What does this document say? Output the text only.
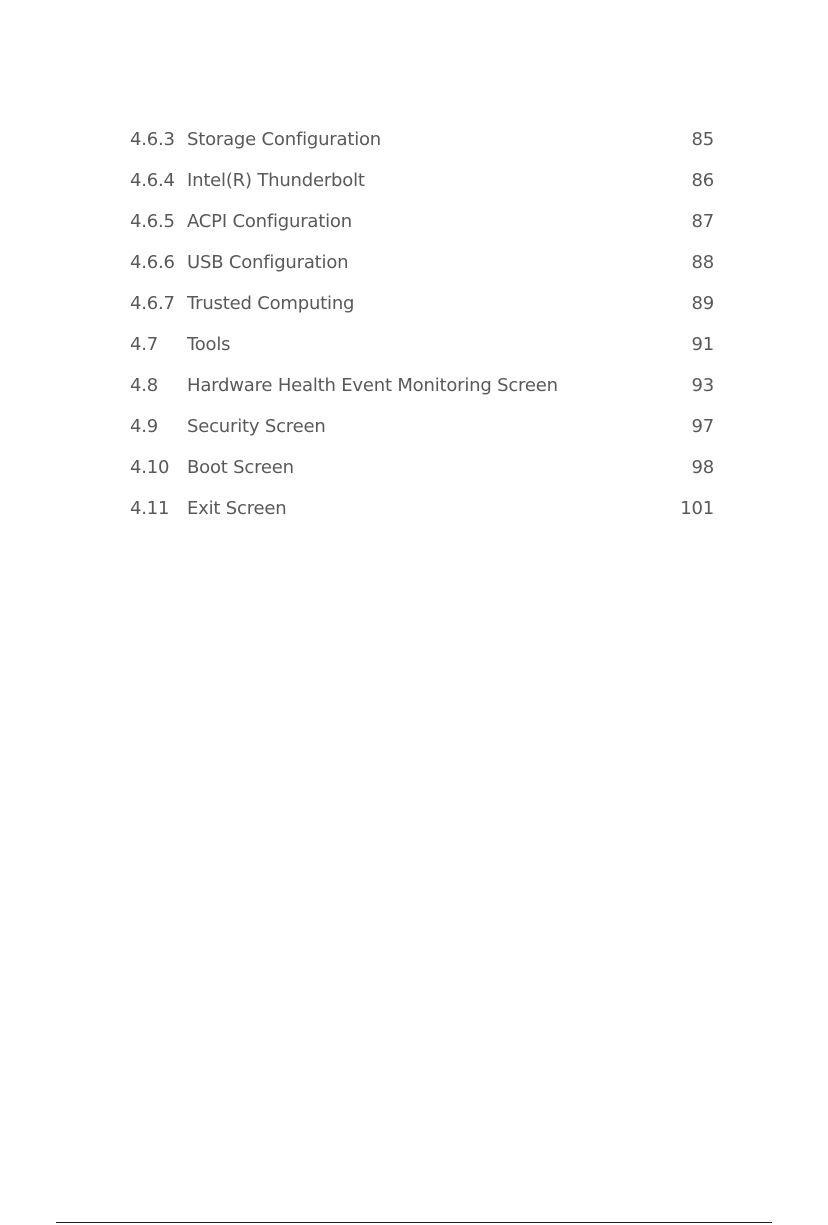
4.6.3 Storage Configuration	85
4.6.4 Intel(R) Thunderbolt	86
4.6.5 ACPI Configuration	87
4.6.6 USB Configuration	88
4.6.7 Trusted Computing	89
4.7	Tools	91
4.8	Hardware Health Event Monitoring Screen	93
4.9	Security Screen	97
4.10 Boot Screen	98
4.11 Exit Screen	101
